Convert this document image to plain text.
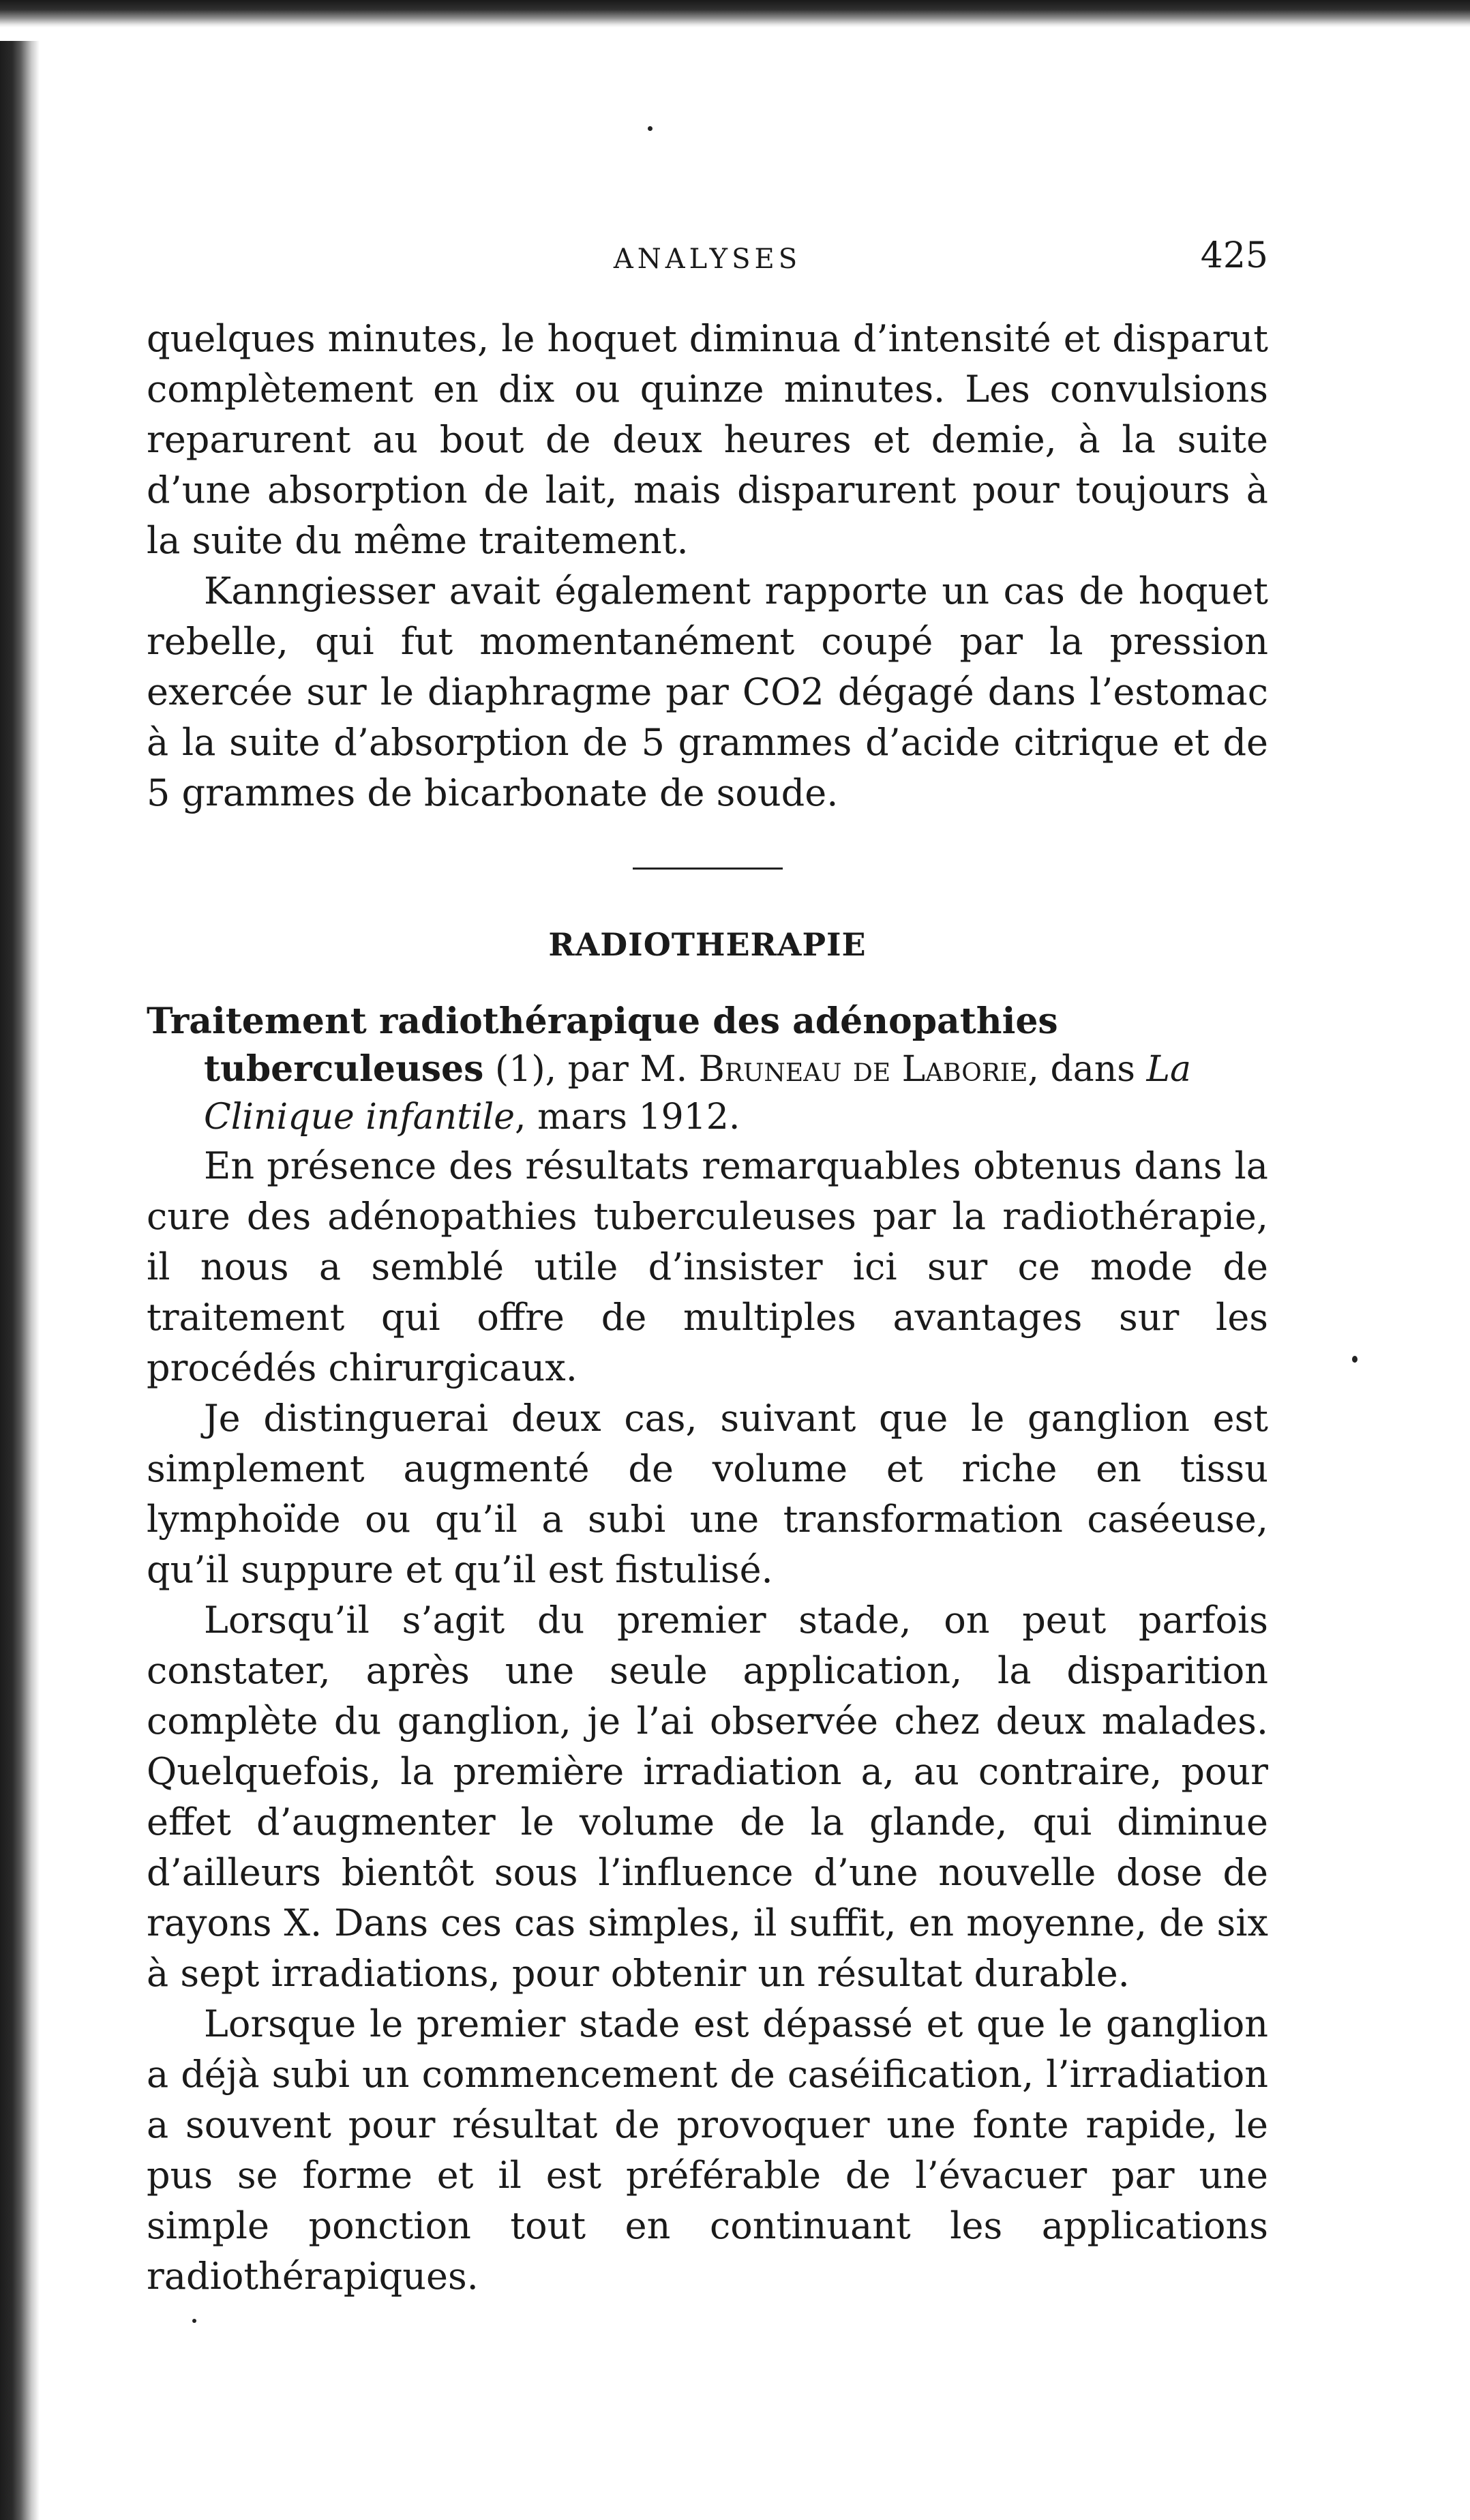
ANALYSES	425

quelques minutes, le hoquet diminua d’intensité et disparut complètement en dix ou quinze minutes. Les convulsions reparurent au bout de deux heures et demie, à la suite d’une absorption de lait, mais disparurent pour toujours à la suite du même traitement.

Kanngiesser avait également rapporte un cas de hoquet rebelle, qui fut momentanément coupé par la pression exercée sur le diaphragme par CO2 dégagé dans l’estomac à la suite d’absorption de 5 grammes d’acide citrique et de 5 grammes de bicarbonate de soude.

RADIOTHERAPIE

Traitement radiothérapique des adénopathies tuberculeuses (1), par M. Bruneau de Laborie, dans La Clinique infantile, mars 1912.

En présence des résultats remarquables obtenus dans la cure des adénopathies tuberculeuses par la radiothérapie, il nous a semblé utile d’insister ici sur ce mode de traitement qui offre de multiples avantages sur les procédés chirurgicaux.

Je distinguerai deux cas, suivant que le ganglion est simplement augmenté de volume et riche en tissu lymphoïde ou qu’il a subi une transformation caséeuse, qu’il suppure et qu’il est fistulisé.

Lorsqu’il s’agit du premier stade, on peut parfois constater, après une seule application, la disparition complète du ganglion, je l’ai observée chez deux malades. Quelquefois, la première irradiation a, au contraire, pour effet d’augmenter le volume de la glande, qui diminue d’ailleurs bientôt sous l’influence d’une nouvelle dose de rayons X. Dans ces cas simples, il suffit, en moyenne, de six à sept irradiations, pour obtenir un résultat durable.

Lorsque le premier stade est dépassé et que le ganglion a déjà subi un commencement de caséification, l’irradiation a souvent pour résultat de provoquer une fonte rapide, le pus se forme et il est préférable de l’évacuer par une simple ponction tout en continuant les applications radiothérapiques.
